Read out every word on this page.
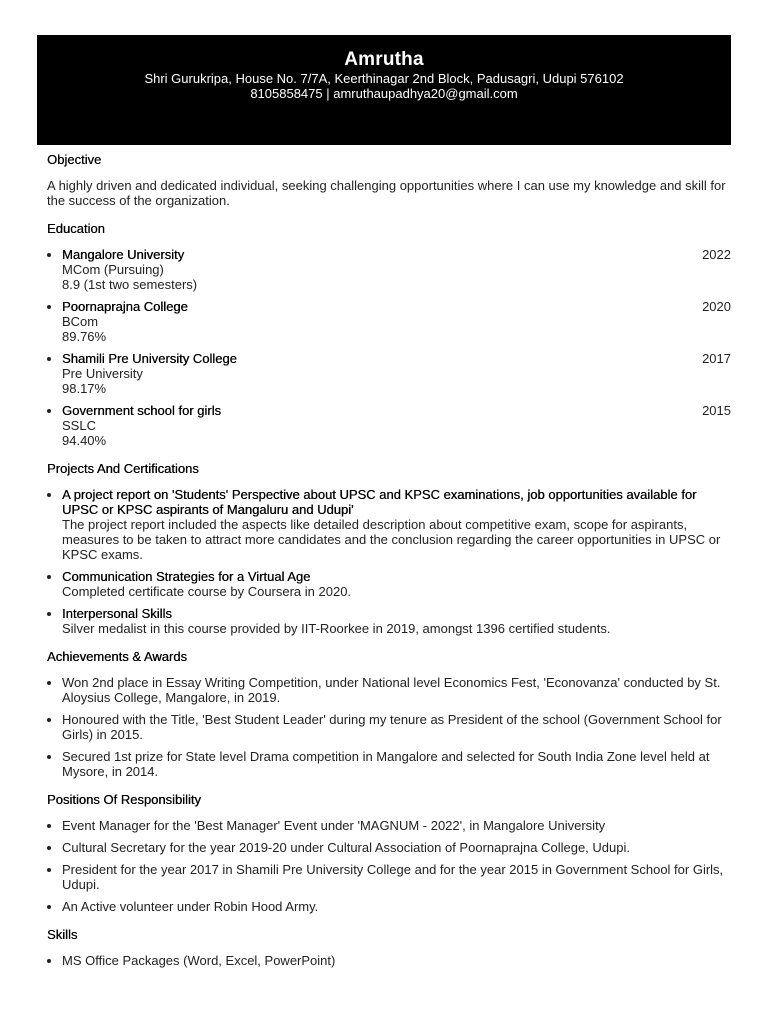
Amrutha
Shri Gurukripa, House No. 7/7A, Keerthinagar 2nd Block, Padusagri, Udupi 576102
8105858475 | amruthaupadhya20@gmail.com
Objective

A highly driven and dedicated individual, seeking challenging opportunities where I can use my knowledge and skill for the success of the organization.

Education
• Mangalore University	2022
MCom (Pursuing)
8.9 (1st two semesters)
• Poornaprajna College	2020
BCom
89.76%
• Shamili Pre University College	2017
Pre University
98.17%
• Government school for girls	2015
SSLC
94.40%
Projects And Certifications
• A project report on 'Students' Perspective about UPSC and KPSC examinations, job opportunities available for UPSC or KPSC aspirants of Mangaluru and Udupi'
The project report included the aspects like detailed description about competitive exam, scope for aspirants, measures to be taken to attract more candidates and the conclusion regarding the career opportunities in UPSC or KPSC exams.
• Communication Strategies for a Virtual Age
Completed certificate course by Coursera in 2020.
• Interpersonal Skills
Silver medalist in this course provided by IIT-Roorkee in 2019, amongst 1396 certified students.
Achievements & Awards
• Won 2nd place in Essay Writing Competition, under National level Economics Fest, 'Econovanza' conducted by St. Aloysius College, Mangalore, in 2019.
• Honoured with the Title, 'Best Student Leader' during my tenure as President of the school (Government School for Girls) in 2015.
• Secured 1st prize for State level Drama competition in Mangalore and selected for South India Zone level held at Mysore, in 2014.
Positions Of Responsibility
• Event Manager for the 'Best Manager' Event under 'MAGNUM - 2022', in Mangalore University
• Cultural Secretary for the year 2019-20 under Cultural Association of Poornaprajna College, Udupi.
• President for the year 2017 in Shamili Pre University College and for the year 2015 in Government School for Girls, Udupi.
• An Active volunteer under Robin Hood Army.
Skills
• MS Office Packages (Word, Excel, PowerPoint)
